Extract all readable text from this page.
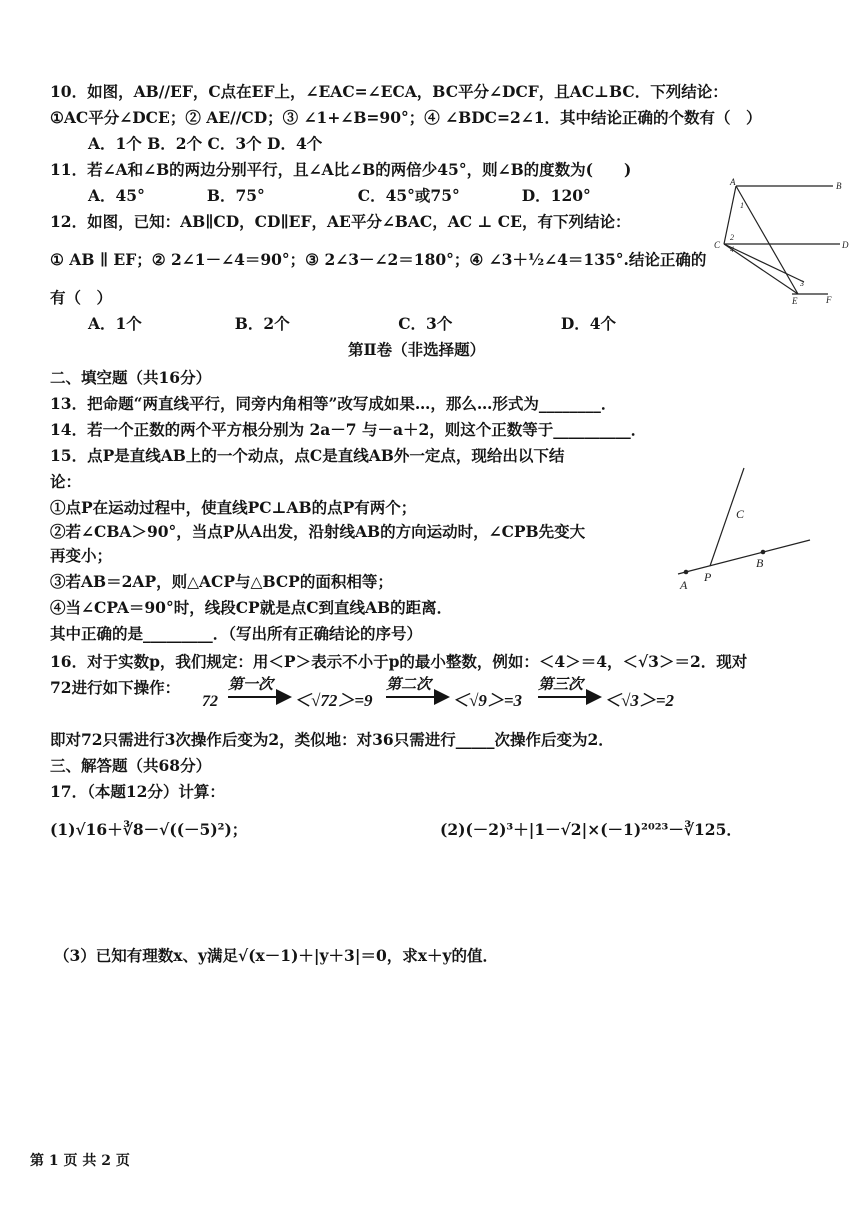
10．如图，AB//EF，C点在EF上，∠EAC=∠ECA，BC平分∠DCF，且AC⊥BC．下列结论：
①AC平分∠DCE；② AE//CD；③ ∠1+∠B=90°；④ ∠BDC=2∠1．其中结论正确的个数有（　）
A．1个 B．2个 C．3个 D．4个
11．若∠A和∠B的两边分别平行，且∠A比∠B的两倍少45°，则∠B的度数为(　　)
A．45°　　　　B．75°　　　　　　C．45°或75°　　　　D．120°
12．如图，已知：AB∥CD，CD∥EF，AE平分∠BAC，AC ⊥ CE，有下列结论：
① AB ∥ EF；② 2∠1－∠4＝90°；③ 2∠3－∠2＝180°；④ ∠3＋½∠4＝135°.结论正确的
有（　）
A．1个　　　　　　B．2个　　　　　　　C．3个　　　　　　　D．4个
第Ⅱ卷（非选择题）
二、填空题（共16分）
13．把命题“两直线平行，同旁内角相等”改写成如果…，那么…形式为________．
14．若一个正数的两个平方根分别为 2a－7 与－a＋2，则这个正数等于__________．
15．点P是直线AB上的一个动点，点C是直线AB外一定点，现给出以下结
论：
①点P在运动过程中，使直线PC⊥AB的点P有两个；
②若∠CBA＞90°，当点P从A出发，沿射线AB的方向运动时，∠CPB先变大
再变小；
③若AB＝2AP，则△ACP与△BCP的面积相等；
④当∠CPA＝90°时，线段CP就是点C到直线AB的距离．
其中正确的是_________．（写出所有正确结论的序号）
16．对于实数p，我们规定：用＜P＞表示不小于p的最小整数，例如：＜4＞＝4，＜√3＞＝2．现对
72进行如下操作：
72
第一次
＜√72＞=9
第二次
＜√9＞=3
第三次
＜√3＞=2
即对72只需进行3次操作后变为2，类似地：对36只需进行_____次操作后变为2．
三、解答题（共68分）
17．（本题12分）计算：
(1)√16＋∛8－√((－5)²)；	(2)(－2)³＋|1－√2|×(－1)²⁰²³－∛125．
（3）已知有理数x、y满足√(x－1)＋|y＋3|＝0，求x＋y的值．
A	B
C	D
E	F
1
2
3
4
A
P
B
C
第 1 页 共 2 页
